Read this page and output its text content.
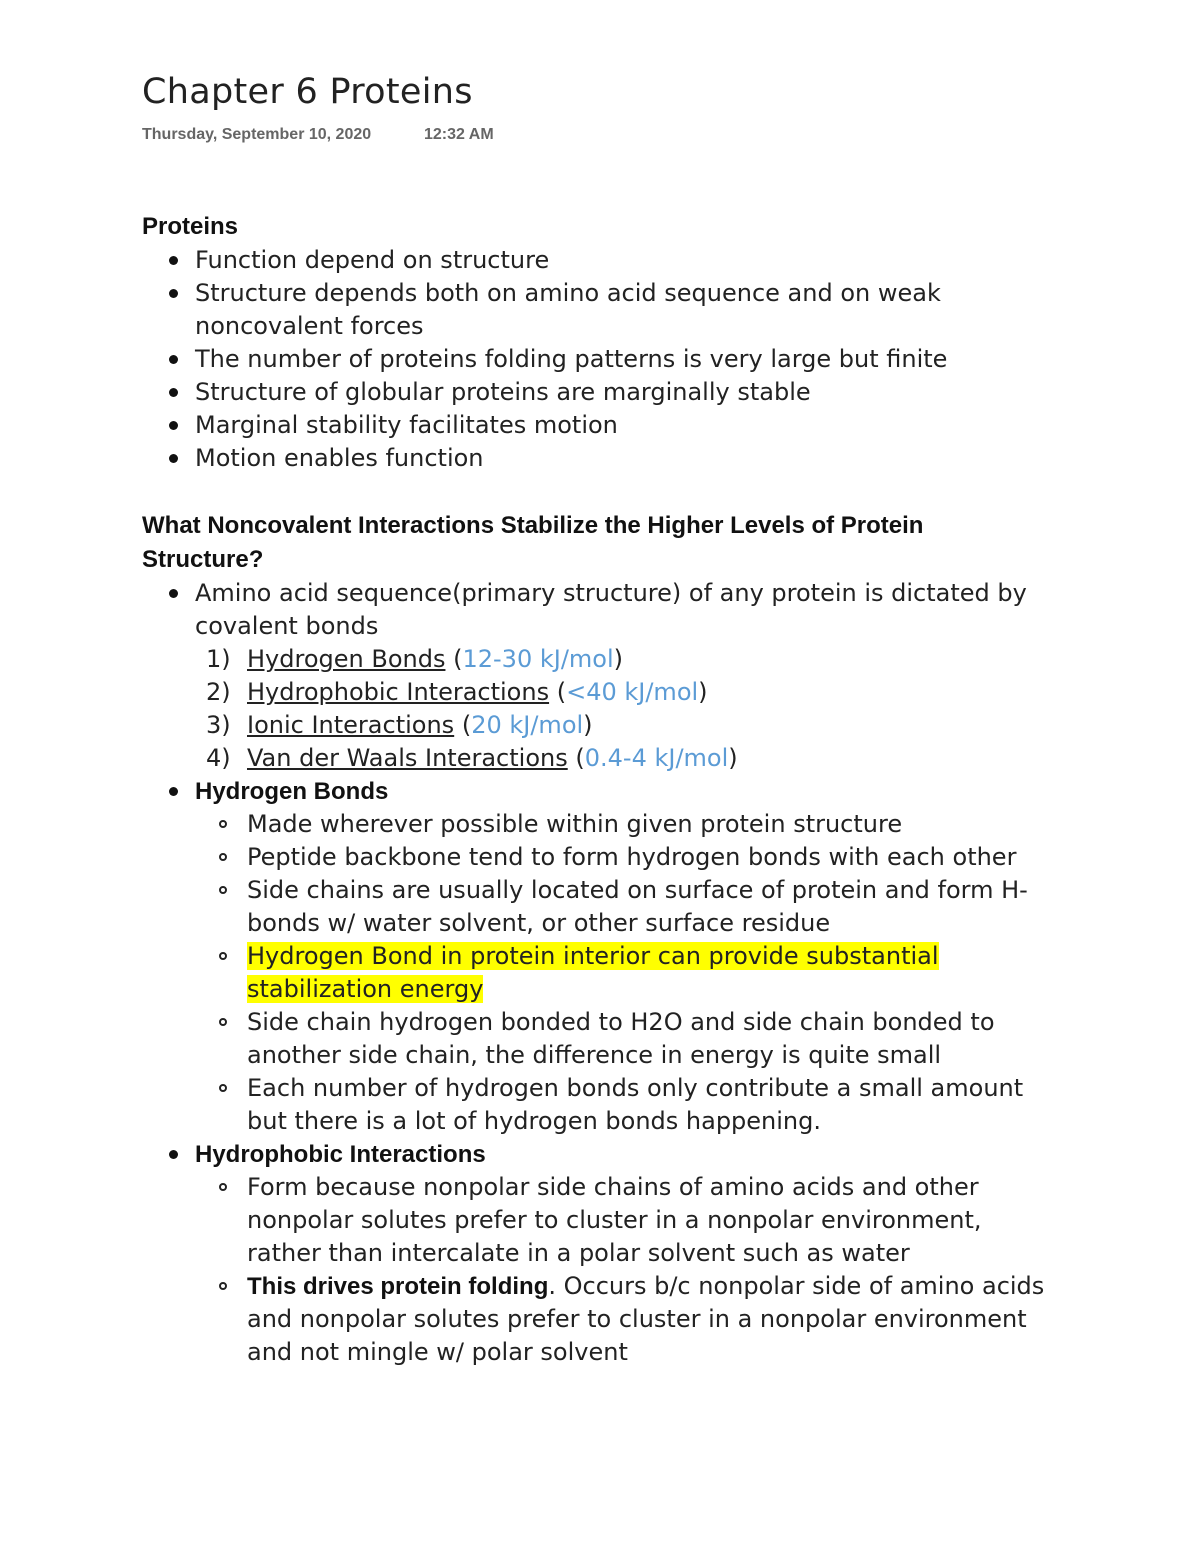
Chapter 6 Proteins
Thursday, September 10, 2020	12:32 AM

Proteins

Function depend on structure
Structure depends both on amino acid sequence and on weak noncovalent forces
The number of proteins folding patterns is very large but finite
Structure of globular proteins are marginally stable
Marginal stability facilitates motion
Motion enables function

What Noncovalent Interactions Stabilize the Higher Levels of Protein Structure?

Amino acid sequence(primary structure) of any protein is dictated by covalent bonds
1) Hydrogen Bonds (12-30 kJ/mol)
2) Hydrophobic Interactions (<40 kJ/mol)
3) Ionic Interactions (20 kJ/mol)
4) Van der Waals Interactions (0.4-4 kJ/mol)
Hydrogen Bonds
Made wherever possible within given protein structure
Peptide backbone tend to form hydrogen bonds with each other
Side chains are usually located on surface of protein and form H-bonds w/ water solvent, or other surface residue
Hydrogen Bond in protein interior can provide substantial stabilization energy
Side chain hydrogen bonded to H2O and side chain bonded to another side chain, the difference in energy is quite small
Each number of hydrogen bonds only contribute a small amount but there is a lot of hydrogen bonds happening.
Hydrophobic Interactions
Form because nonpolar side chains of amino acids and other nonpolar solutes prefer to cluster in a nonpolar environment, rather than intercalate in a polar solvent such as water
This drives protein folding. Occurs b/c nonpolar side of amino acids and nonpolar solutes prefer to cluster in a nonpolar environment and not mingle w/ polar solvent
